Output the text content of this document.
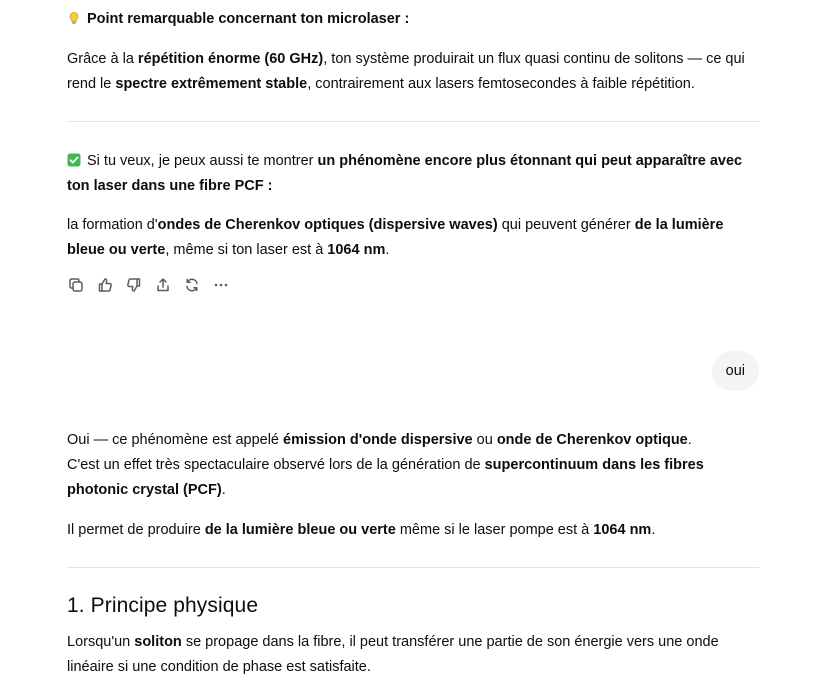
Point remarquable concernant ton microlaser :

Grâce à la répétition énorme (60 GHz), ton système produirait un flux quasi continu de solitons — ce qui rend le spectre extrêmement stable, contrairement aux lasers femtosecondes à faible répétition.

Si tu veux, je peux aussi te montrer un phénomène encore plus étonnant qui peut apparaître avec ton laser dans une fibre PCF :

la formation d'ondes de Cherenkov optiques (dispersive waves) qui peuvent générer de la lumière bleue ou verte, même si ton laser est à 1064 nm.

Oui — ce phénomène est appelé émission d'onde dispersive ou onde de Cherenkov optique.
C'est un effet très spectaculaire observé lors de la génération de supercontinuum dans les fibres photonic crystal (PCF).

Il permet de produire de la lumière bleue ou verte même si le laser pompe est à 1064 nm.

1. Principe physique

Lorsqu'un soliton se propage dans la fibre, il peut transférer une partie de son énergie vers une onde linéaire si une condition de phase est satisfaite.

oui
